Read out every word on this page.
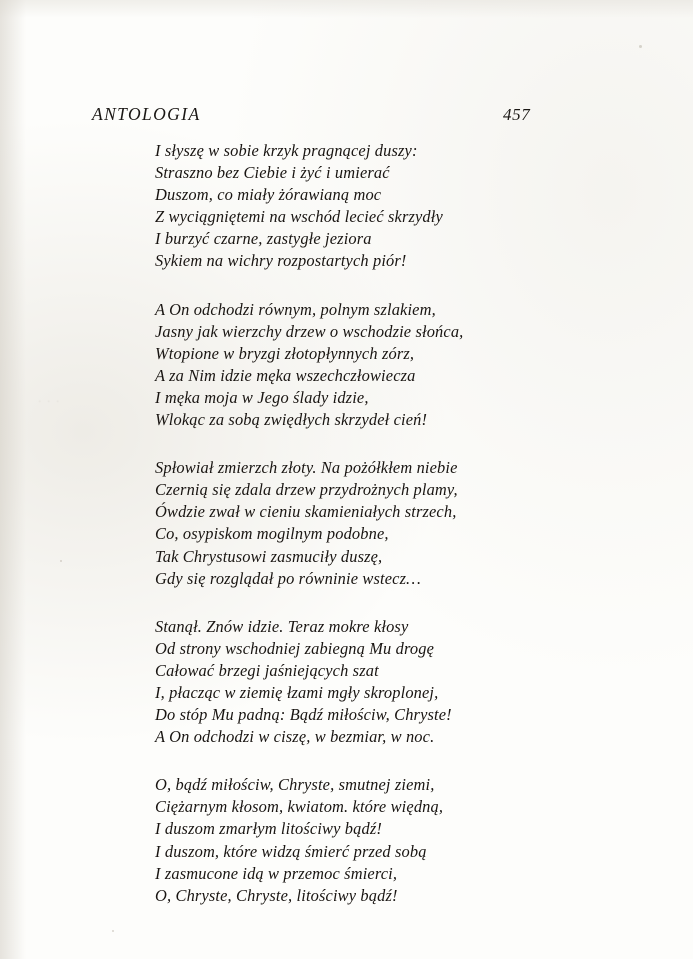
ANTOLOGIA	457
·  ·  ·
I słyszę w sobie krzyk pragnącej duszy:
Straszno bez Ciebie i żyć i umierać
Duszom, co miały żórawianą moc
Z wyciągniętemi na wschód lecieć skrzydły
I burzyć czarne, zastygłe jeziora
Sykiem na wichry rozpostartych piór!
A On odchodzi równym, polnym szlakiem,
Jasny jak wierzchy drzew o wschodzie słońca,
Wtopione w bryzgi złotopłynnych zórz,
A za Nim idzie męka wszechczłowiecza
I męka moja w Jego ślady idzie,
Wlokąc za sobą zwiędłych skrzydeł cień!
Spłowiał zmierzch złoty. Na pożółkłem niebie
Czernią się zdala drzew przydrożnych plamy,
Ówdzie zwał w cieniu skamieniałych strzech,
Co, osypiskom mogilnym podobne,
Tak Chrystusowi zasmuciły duszę,
Gdy się rozglądał po równinie wstecz…
Stanął. Znów idzie. Teraz mokre kłosy
Od strony wschodniej zabiegną Mu drogę
Całować brzegi jaśniejących szat
I, płacząc w ziemię łzami mgły skroplonej,
Do stóp Mu padną: Bądź miłościw, Chryste!
A On odchodzi w ciszę, w bezmiar, w noc.
O, bądź miłościw, Chryste, smutnej ziemi,
Ciężarnym kłosom, kwiatom. które więdną,
I duszom zmarłym litościwy bądź!
I duszom, które widzą śmierć przed sobą
I zasmucone idą w przemoc śmierci,
O, Chryste, Chryste, litościwy bądź!
